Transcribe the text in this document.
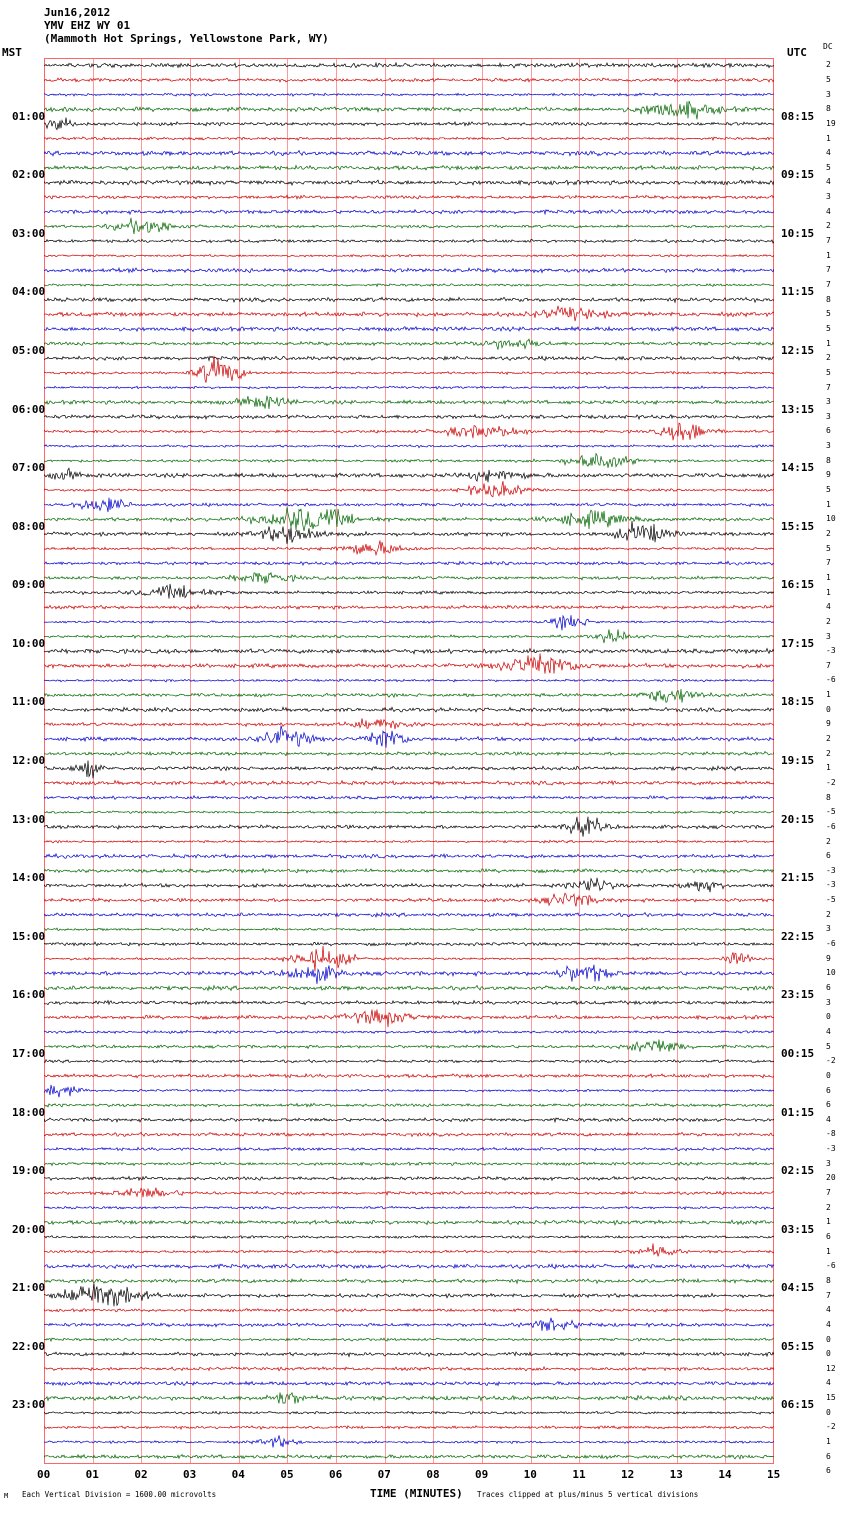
Jun16,2012
YMV EHZ WY 01
(Mammoth Hot Springs, Yellowstone Park, WY)
MST	UTC DC
01:00
02:00
03:00
04:00
05:00
06:00
07:00
08:00
09:00
10:00
11:00
12:00
13:00
14:00
15:00
16:00
17:00
18:00
19:00
20:00
21:00
22:00
23:00
08:15
09:15
10:15
11:15
12:15
13:15
14:15
15:15
16:15
17:15
18:15
19:15
20:15
21:15
22:15
23:15
00:15
01:15
02:15
03:15
04:15
05:15
06:15
2
5
3
8
19
1
4
5
4
3
4
2
7
1
7
7
8
5
5
1
2
5
7
3
3
6
3
8
9
5
1
10
2
5
7
1
1
4
2
3
-3
7
-6
1
0
9
2
2
1
-2
8
-5
-6
2
6
-3
-3
-5
2
3
-6
9
10
6
3
0
4
5
-2
0
6
6
4
-8
-3
3
20
7
2
1
6
1
-6
8
7
4
4
0
0
12
4
15
0
-2
1
6
6
00	01	02	03	04	05	06	07	08	09	10	11	12	13	14	15
M Each Vertical Division = 1600.00 microvolts	TIME (MINUTES) Traces clipped at plus/minus 5 vertical divisions
